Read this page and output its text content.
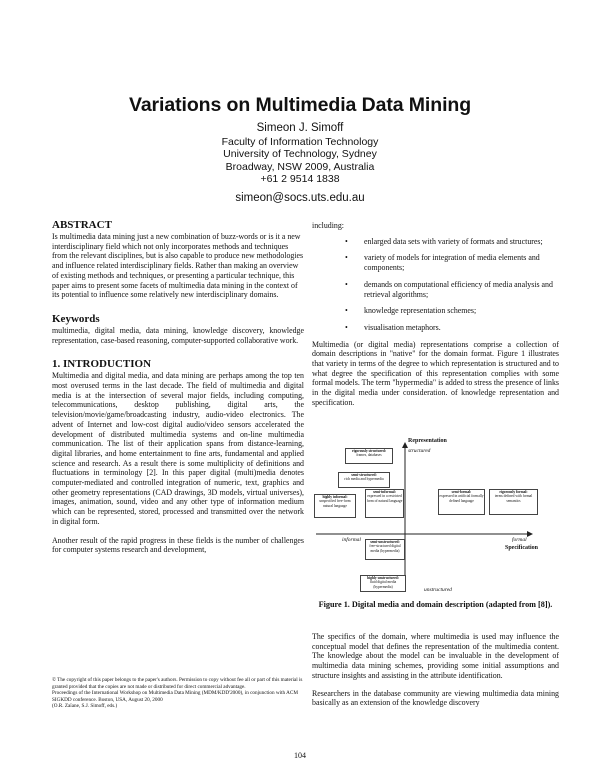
Variations on Multimedia Data Mining
Simeon J. Simoff
Faculty of Information Technology
University of Technology, Sydney
Broadway, NSW 2009, Australia
+61 2 9514 1838
simeon@socs.uts.edu.au

ABSTRACT

Is multimedia data mining just a new combination of buzz-words or is it a new interdisciplinary field which not only incorporates methods and techniques from the relevant disciplines, but is also capable to produce new methodologies and influence related interdisciplinary fields. Rather than making an overview of existing methods and techniques, or presenting a particular technique, this paper aims to present some facets of multimedia data mining in the context of its potential to influence some relatively new interdisciplinary domains.

Keywords

multimedia, digital media, data mining, knowledge discovery, knowledge representation, case-based reasoning, computer-supported collaborative work.

1. INTRODUCTION

Multimedia and digital media, and data mining are perhaps among the top ten most overused terms in the last decade. The field of multimedia and digital media is at the intersection of several major fields, including computing, telecommunications, desktop publishing, digital arts, the television/movie/game/broadcasting industry, audio-video electronics. The advent of Internet and low-cost digital audio/video sensors accelerated the development of distributed multimedia systems and on-line multimedia communication. The list of their application spans from distance-learning, digital libraries, and home entertainment to fine arts, fundamental and applied science and research. As a result there is some multiplicity of definitions and fluctuations in terminology [2]. In this paper digital (multi)media denotes computer-mediated and controlled integration of numeric, text, graphics and other geometry representations (CAD drawings, 3D models, virtual universes), images, animation, sound, video and any other type of information medium which can be represented, stored, processed and transmitted over the network in digital form.

Another result of the rapid progress in these fields is the number of challenges for computer systems research and development,

© The copyright of this paper belongs to the paper's authors. Permission to copy without fee all or part of this material is granted provided that the copies are not made or distributed for direct commercial advantage.
Proceedings of the International Workshop on Multimedia Data Mining (MDM/KDD'2000), in conjunction with ACM SIGKDD conference. Boston, USA, August 20, 2000
(O.R. Zaïane, S.J. Simoff, eds.)

including:

• enlarged data sets with variety of formats and structures;
• variety of models for integration of media elements and components;
• demands on computational efficiency of media analysis and retrieval algorithms;
• knowledge representation schemes;
• visualisation metaphors.

Multimedia (or digital media) representations comprise a collection of domain descriptions in "native" for the domain format. Figure 1 illustrates that variety in terms of the degree to which representation is structured and to what degree the specification of this representation complies with some formal models. The term "hypermedia" is added to stress the presence of links in the digital media under consideration. of knowledge representation and specification.

Representation
structured
unstructured
informal	formal
Specification
rigorously structured:
frames, databases
semi-structured:
rich media and hypermedia
highly informal:
unspecified free-form natural language
semi-informal:
expressed in a restricted form of natural language
semi-formal:
expressed in artificial formally defined language
rigorously formal:
terms defined with formal semantics
semi-unstructured:
free-structured digital media (hypermedia)
highly unstructured:
fluid digital media (hypermedia)
Figure 1. Digital media and domain description (adapted from [8]).

The specifics of the domain, where multimedia is used may influence the conceptual model that defines the representation of the multimedia content. The knowledge about the model can be invaluable in the development of multimedia data mining schemes, providing some initial assumptions and structure insights and assisting in the attribute identification.

Researchers in the database community are viewing multimedia data mining basically as an extension of the knowledge discovery

104
